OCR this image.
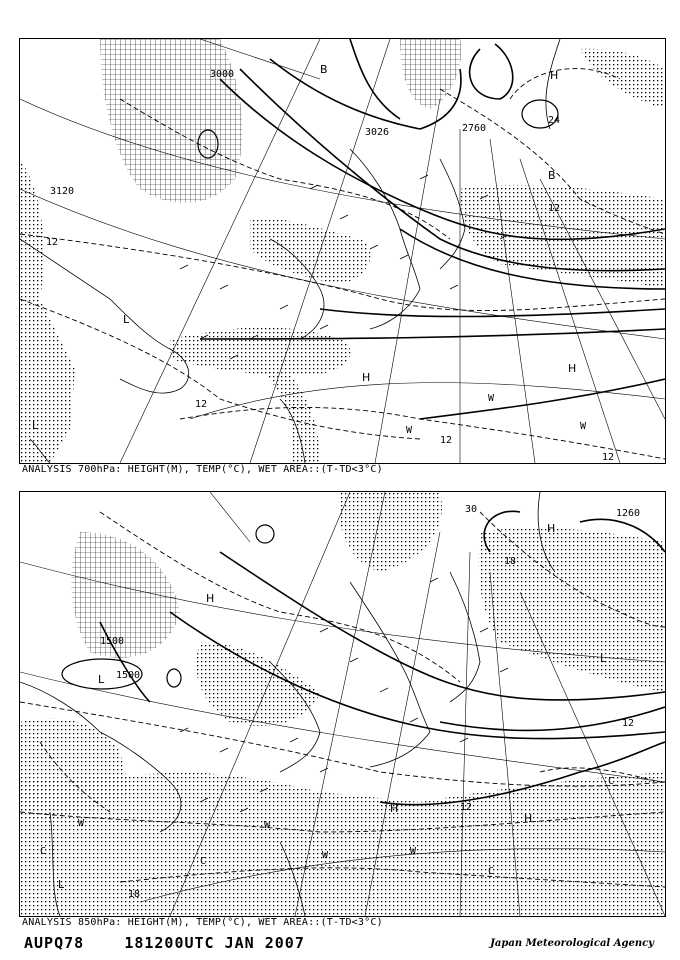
3000
3120
2760
3026
12
12
12
12
12
24
H
H
H
L
L
B
B
W
W	W
ANALYSIS 700hPa: HEIGHT(M), TEMP(°C), WET AREA::(T-TD<3°C)
1500
1500
1260
18
12
12
18
30
H
H
H
H
L
L
L
W	W
W	W
C
C
C
C
ANALYSIS 850hPa: HEIGHT(M), TEMP(°C), WET AREA::(T-TD<3°C)
AUPQ78	181200UTC JAN 2007	Japan Meteorological Agency
